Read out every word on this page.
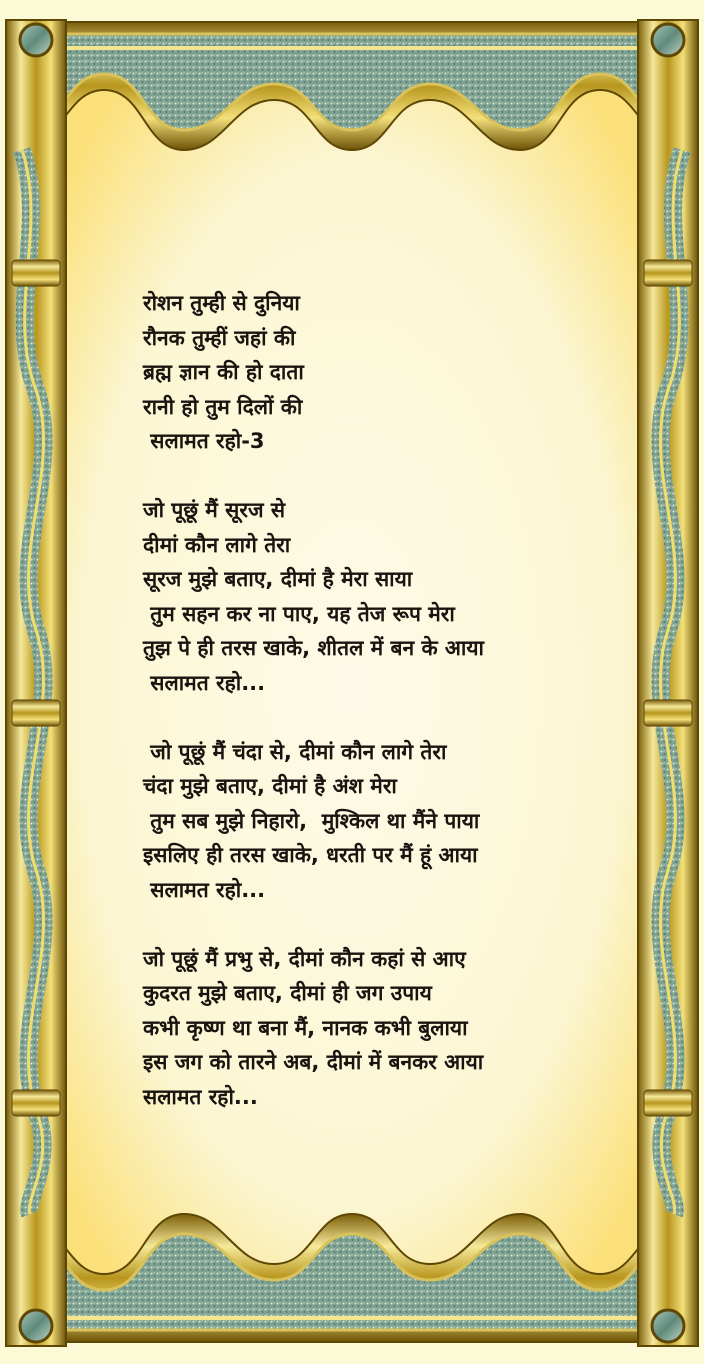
रोशन तुम्ही से दुनिया
रौनक तुम्हीं जहां की
ब्रह्म ज्ञान की हो दाता
रानी हो तुम दिलों की
सलामत रहो-3
जो पूछूं मैं सूरज से
दीमां कौन लागे तेरा
सूरज मुझे बताए, दीमां है मेरा साया
तुम सहन कर ना पाए, यह तेज रूप मेरा
तुझ पे ही तरस खाके, शीतल में बन के आया
सलामत रहो...
जो पूछूं मैं चंदा से, दीमां कौन लागे तेरा
चंदा मुझे बताए, दीमां है अंश मेरा
तुम सब मुझे निहारो,  मुश्किल था मैंने पाया
इसलिए ही तरस खाके, धरती पर मैं हूं आया
सलामत रहो...
जो पूछूं मैं प्रभु से, दीमां कौन कहां से आए
कुदरत मुझे बताए, दीमां ही जग उपाय
कभी कृष्ण था बना मैं, नानक कभी बुलाया
इस जग को तारने अब, दीमां में बनकर आया
सलामत रहो...
